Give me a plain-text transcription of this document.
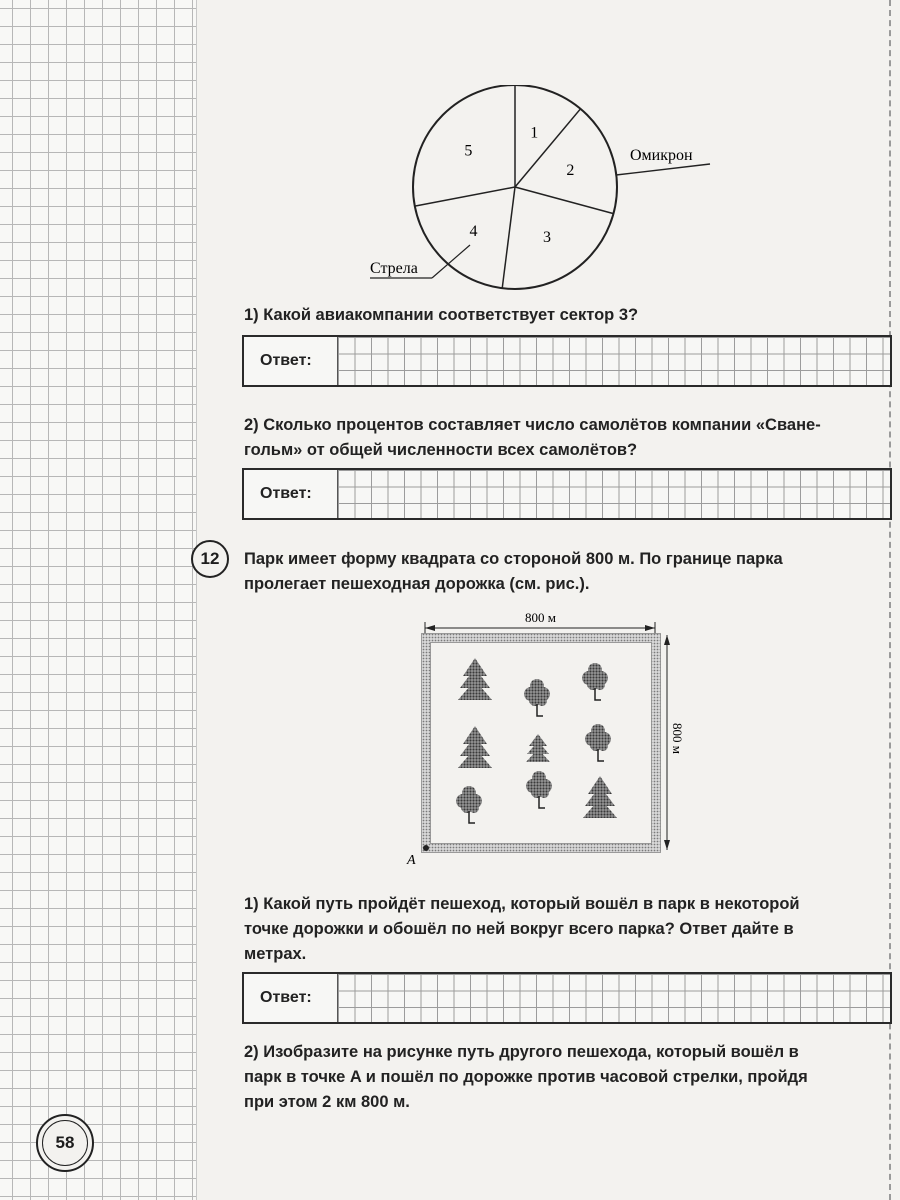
1
2
3
4
5	Омикрон
Стрела
1) Какой авиакомпании соответствует сектор 3?
Ответ:
2) Сколько процентов составляет число самолётов компании «Сване-
гольм» от общей численности всех самолётов?
Ответ:
12	Парк имеет форму квадрата со стороной 800 м. По границе парка
пролегает пешеходная дорожка (см. рис.).
800 м
800 м
A
1) Какой путь пройдёт пешеход, который вошёл в парк в некоторой
точке дорожки и обошёл по ней вокруг всего парка? Ответ дайте в
метрах.
Ответ:
2) Изобразите на рисунке путь другого пешехода, который вошёл в
парк в точке A и пошёл по дорожке против часовой стрелки, пройдя
при этом 2 км 800 м.
58
